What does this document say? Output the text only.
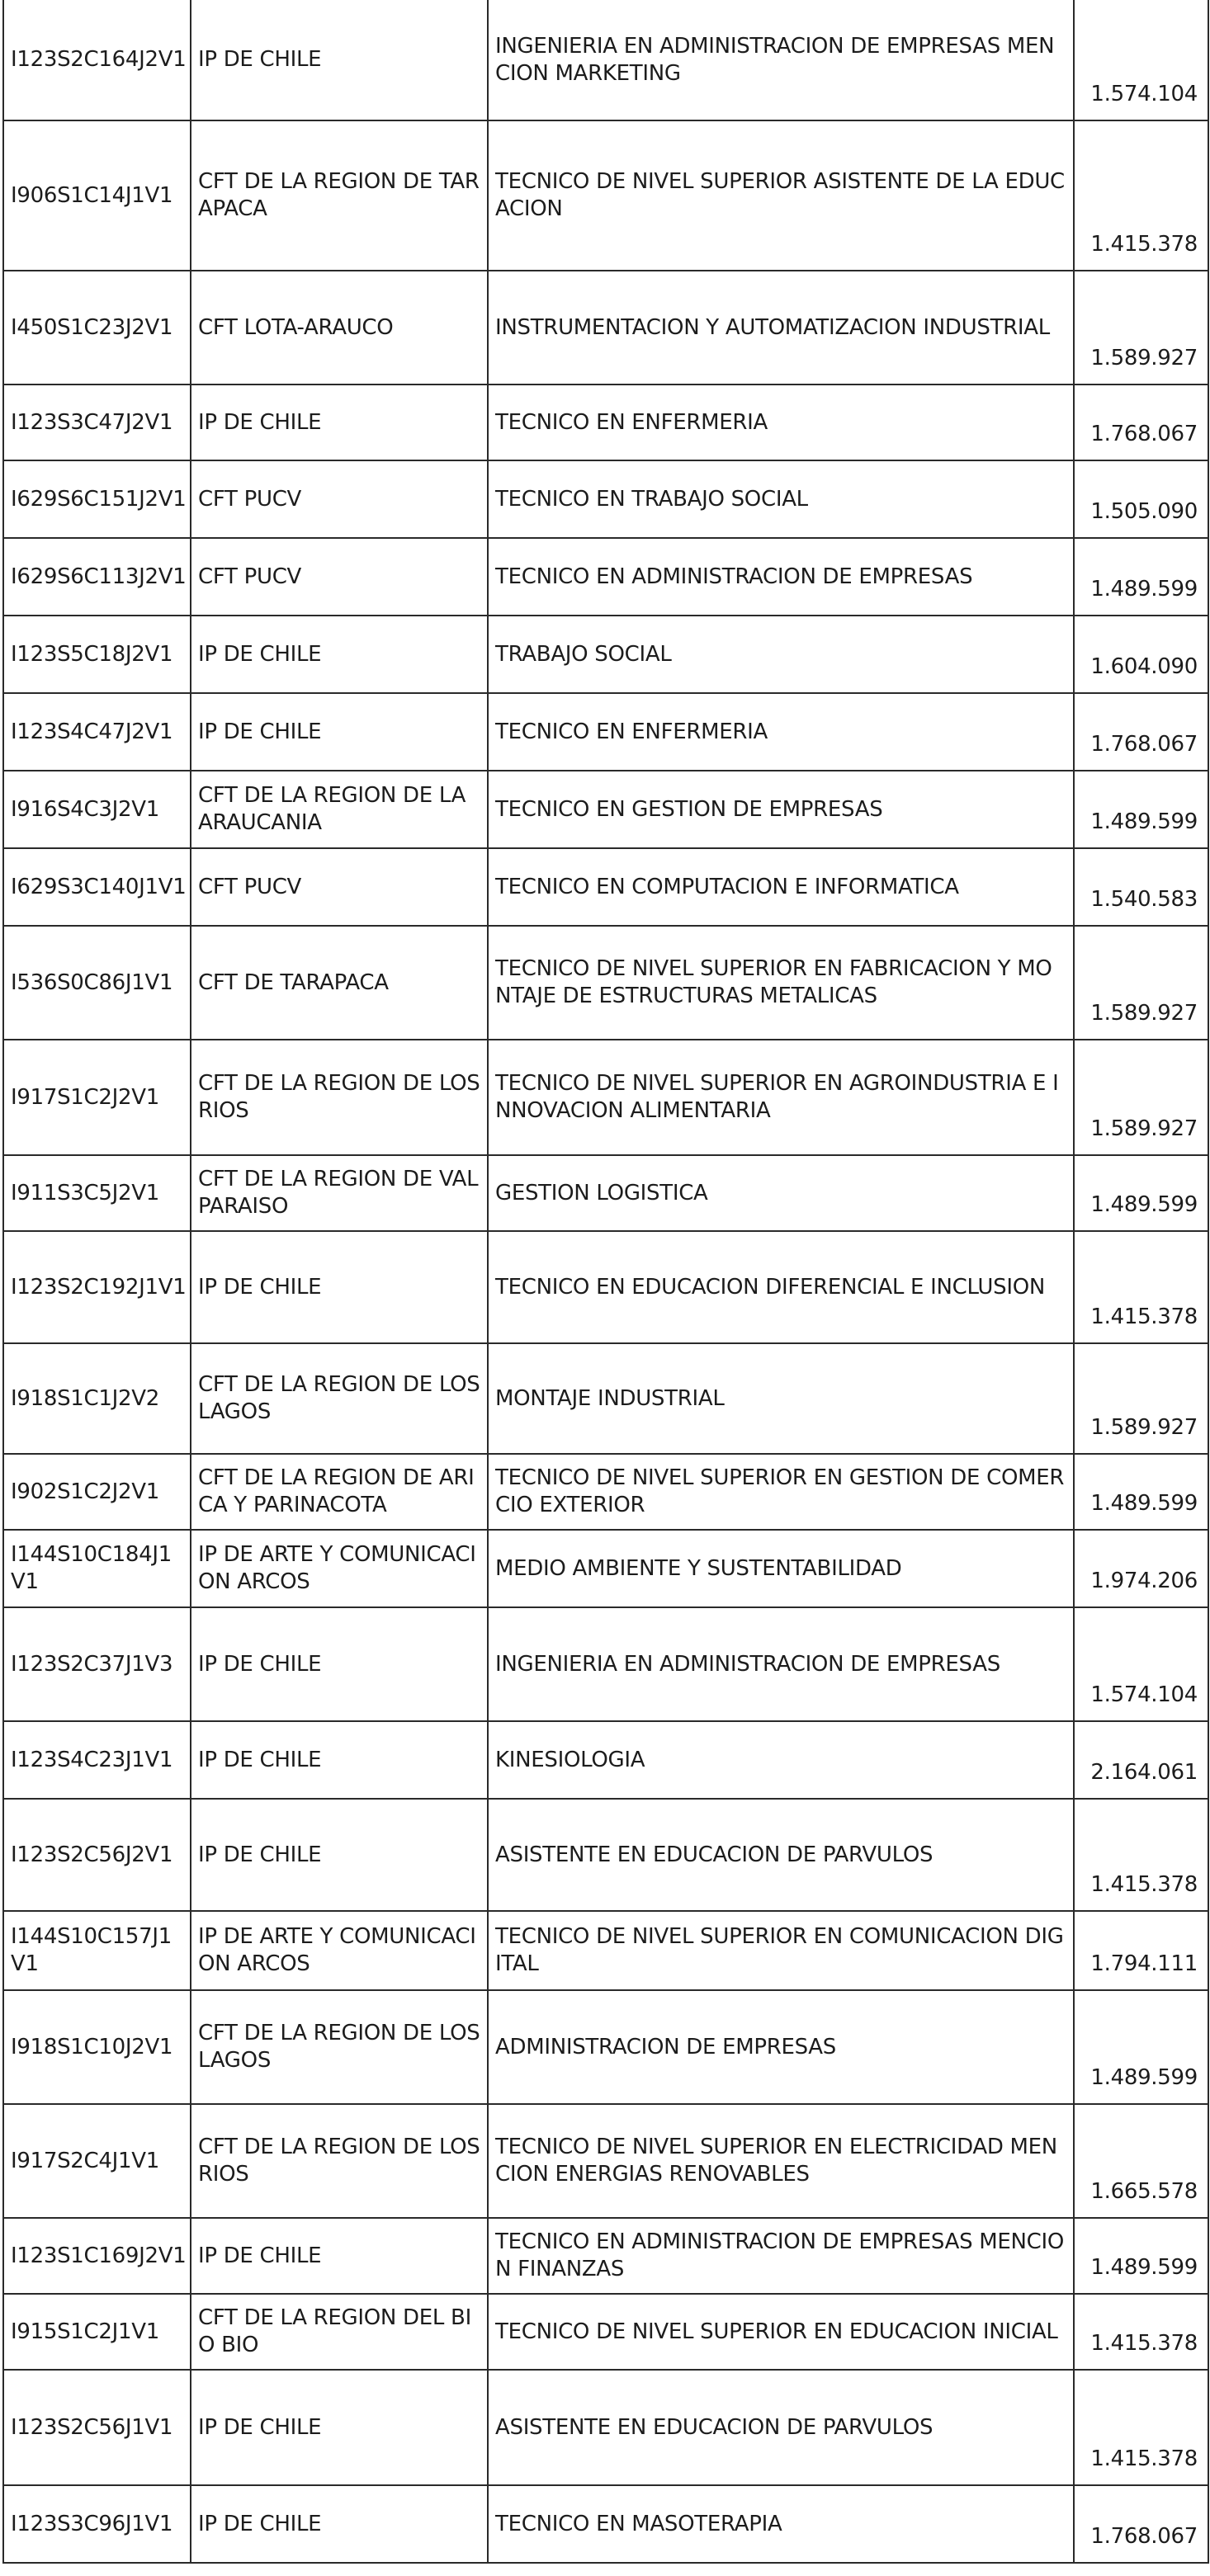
I123S2C164J2V1	IP DE CHILE	INGENIERIA EN ADMINISTRACION DE EMPRESAS MENCION MARKETING	1.574.104
I906S1C14J1V1	CFT DE LA REGION DE TARAPACA	TECNICO DE NIVEL SUPERIOR ASISTENTE DE LA EDUCACION	1.415.378
I450S1C23J2V1	CFT LOTA-ARAUCO	INSTRUMENTACION Y AUTOMATIZACION INDUSTRIAL	1.589.927
I123S3C47J2V1	IP DE CHILE	TECNICO EN ENFERMERIA	1.768.067
I629S6C151J2V1	CFT PUCV	TECNICO EN TRABAJO SOCIAL	1.505.090
I629S6C113J2V1	CFT PUCV	TECNICO EN ADMINISTRACION DE EMPRESAS	1.489.599
I123S5C18J2V1	IP DE CHILE	TRABAJO SOCIAL	1.604.090
I123S4C47J2V1	IP DE CHILE	TECNICO EN ENFERMERIA	1.768.067
I916S4C3J2V1	CFT DE LA REGION DE LA ARAUCANIA	TECNICO EN GESTION DE EMPRESAS	1.489.599
I629S3C140J1V1	CFT PUCV	TECNICO EN COMPUTACION E INFORMATICA	1.540.583
I536S0C86J1V1	CFT DE TARAPACA	TECNICO DE NIVEL SUPERIOR EN FABRICACION Y MONTAJE DE ESTRUCTURAS METALICAS	1.589.927
I917S1C2J2V1	CFT DE LA REGION DE LOS RIOS	TECNICO DE NIVEL SUPERIOR EN AGROINDUSTRIA E INNOVACION ALIMENTARIA	1.589.927
I911S3C5J2V1	CFT DE LA REGION DE VALPARAISO	GESTION LOGISTICA	1.489.599
I123S2C192J1V1	IP DE CHILE	TECNICO EN EDUCACION DIFERENCIAL E INCLUSION	1.415.378
I918S1C1J2V2	CFT DE LA REGION DE LOS LAGOS	MONTAJE INDUSTRIAL	1.589.927
I902S1C2J2V1	CFT DE LA REGION DE ARICA Y PARINACOTA	TECNICO DE NIVEL SUPERIOR EN GESTION DE COMERCIO EXTERIOR	1.489.599
I144S10C184J1V1	IP DE ARTE Y COMUNICACION ARCOS	MEDIO AMBIENTE Y SUSTENTABILIDAD	1.974.206
I123S2C37J1V3	IP DE CHILE	INGENIERIA EN ADMINISTRACION DE EMPRESAS	1.574.104
I123S4C23J1V1	IP DE CHILE	KINESIOLOGIA	2.164.061
I123S2C56J2V1	IP DE CHILE	ASISTENTE EN EDUCACION DE PARVULOS	1.415.378
I144S10C157J1V1	IP DE ARTE Y COMUNICACION ARCOS	TECNICO DE NIVEL SUPERIOR EN COMUNICACION DIGITAL	1.794.111
I918S1C10J2V1	CFT DE LA REGION DE LOS LAGOS	ADMINISTRACION DE EMPRESAS	1.489.599
I917S2C4J1V1	CFT DE LA REGION DE LOS RIOS	TECNICO DE NIVEL SUPERIOR EN ELECTRICIDAD MENCION ENERGIAS RENOVABLES	1.665.578
I123S1C169J2V1	IP DE CHILE	TECNICO EN ADMINISTRACION DE EMPRESAS MENCION FINANZAS	1.489.599
I915S1C2J1V1	CFT DE LA REGION DEL BIO BIO	TECNICO DE NIVEL SUPERIOR EN EDUCACION INICIAL	1.415.378
I123S2C56J1V1	IP DE CHILE	ASISTENTE EN EDUCACION DE PARVULOS	1.415.378
I123S3C96J1V1	IP DE CHILE	TECNICO EN MASOTERAPIA	1.768.067
